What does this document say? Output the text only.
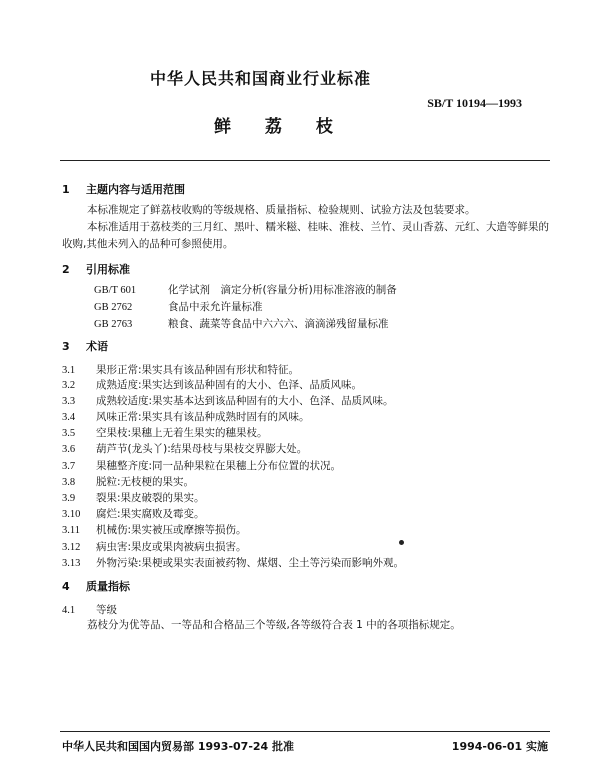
中华人民共和国商业行业标准
SB/T 10194—1993
鲜 荔 枝
1 主题内容与适用范围
本标准规定了鲜荔枝收购的等级规格、质量指标、检验规则、试验方法及包装要求。
本标准适用于荔枝类的三月红、黑叶、糯米糍、桂味、淮枝、兰竹、灵山香荔、元红、大造等鲜果的收购,其他未列入的品种可参照使用。
2 引用标准
GB/T 601	化学试剂　滴定分析(容量分析)用标准溶液的制备
GB 2762	食品中汞允许量标准
GB 2763	粮食、蔬菜等食品中六六六、滴滴涕残留量标准
3 术语
3.1 果形正常:果实具有该品种固有形状和特征。
3.2 成熟适度:果实达到该品种固有的大小、色泽、品质风味。
3.3 成熟较适度:果实基本达到该品种固有的大小、色泽、品质风味。
3.4 风味正常:果实具有该品种成熟时固有的风味。
3.5 空果枝:果穗上无着生果实的穗果枝。
3.6 葫芦节(龙头丫):结果母枝与果枝交界膨大处。
3.7 果穗整齐度:同一品种果粒在果穗上分布位置的状况。
3.8 脱粒:无枝梗的果实。
3.9 裂果:果皮破裂的果实。
3.10 腐烂:果实腐败及霉变。
3.11 机械伤:果实被压或摩擦等损伤。
3.12 病虫害:果皮或果肉被病虫损害。
3.13 外物污染:果梗或果实表面被药物、煤烟、尘土等污染而影响外观。
4 质量指标
4.1 等级
荔枝分为优等品、一等品和合格品三个等级,各等级符合表 1 中的各项指标规定。
中华人民共和国国内贸易部 1993-07-24 批准	1994-06-01 实施
